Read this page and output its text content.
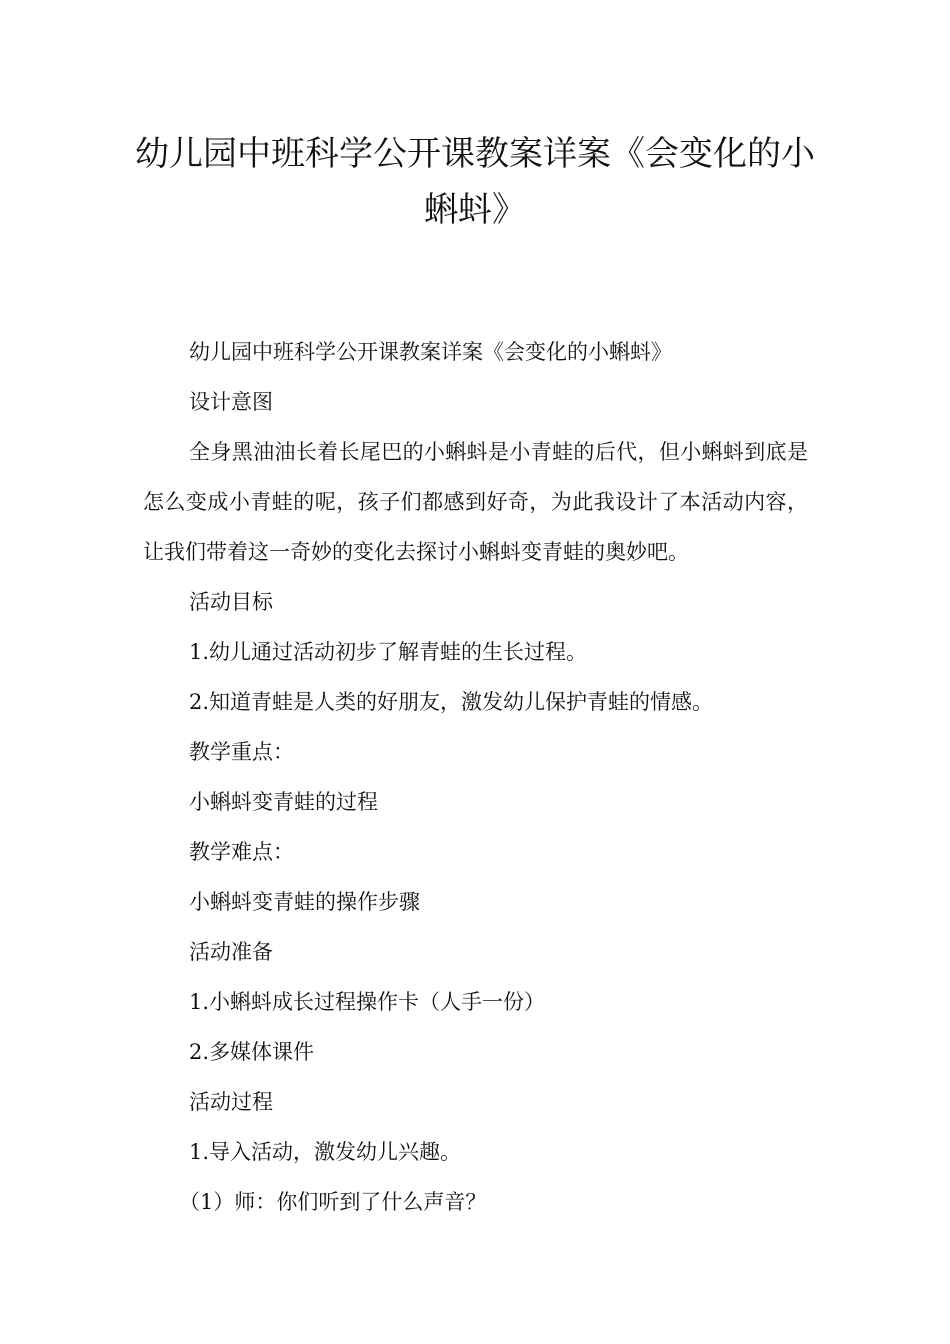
幼儿园中班科学公开课教案详案《会变化的小蝌蚪》

幼儿园中班科学公开课教案详案《会变化的小蝌蚪》

设计意图

全身黑油油长着长尾巴的小蝌蚪是小青蛙的后代，但小蝌蚪到底是怎么变成小青蛙的呢，孩子们都感到好奇，为此我设计了本活动内容，让我们带着这一奇妙的变化去探讨小蝌蚪变青蛙的奥妙吧。

活动目标

1.幼儿通过活动初步了解青蛙的生长过程。

2.知道青蛙是人类的好朋友，激发幼儿保护青蛙的情感。

教学重点：

小蝌蚪变青蛙的过程

教学难点：

小蝌蚪变青蛙的操作步骤

活动准备

1.小蝌蚪成长过程操作卡（人手一份）

2.多媒体课件

活动过程

1.导入活动，激发幼儿兴趣。

（1）师：你们听到了什么声音？
